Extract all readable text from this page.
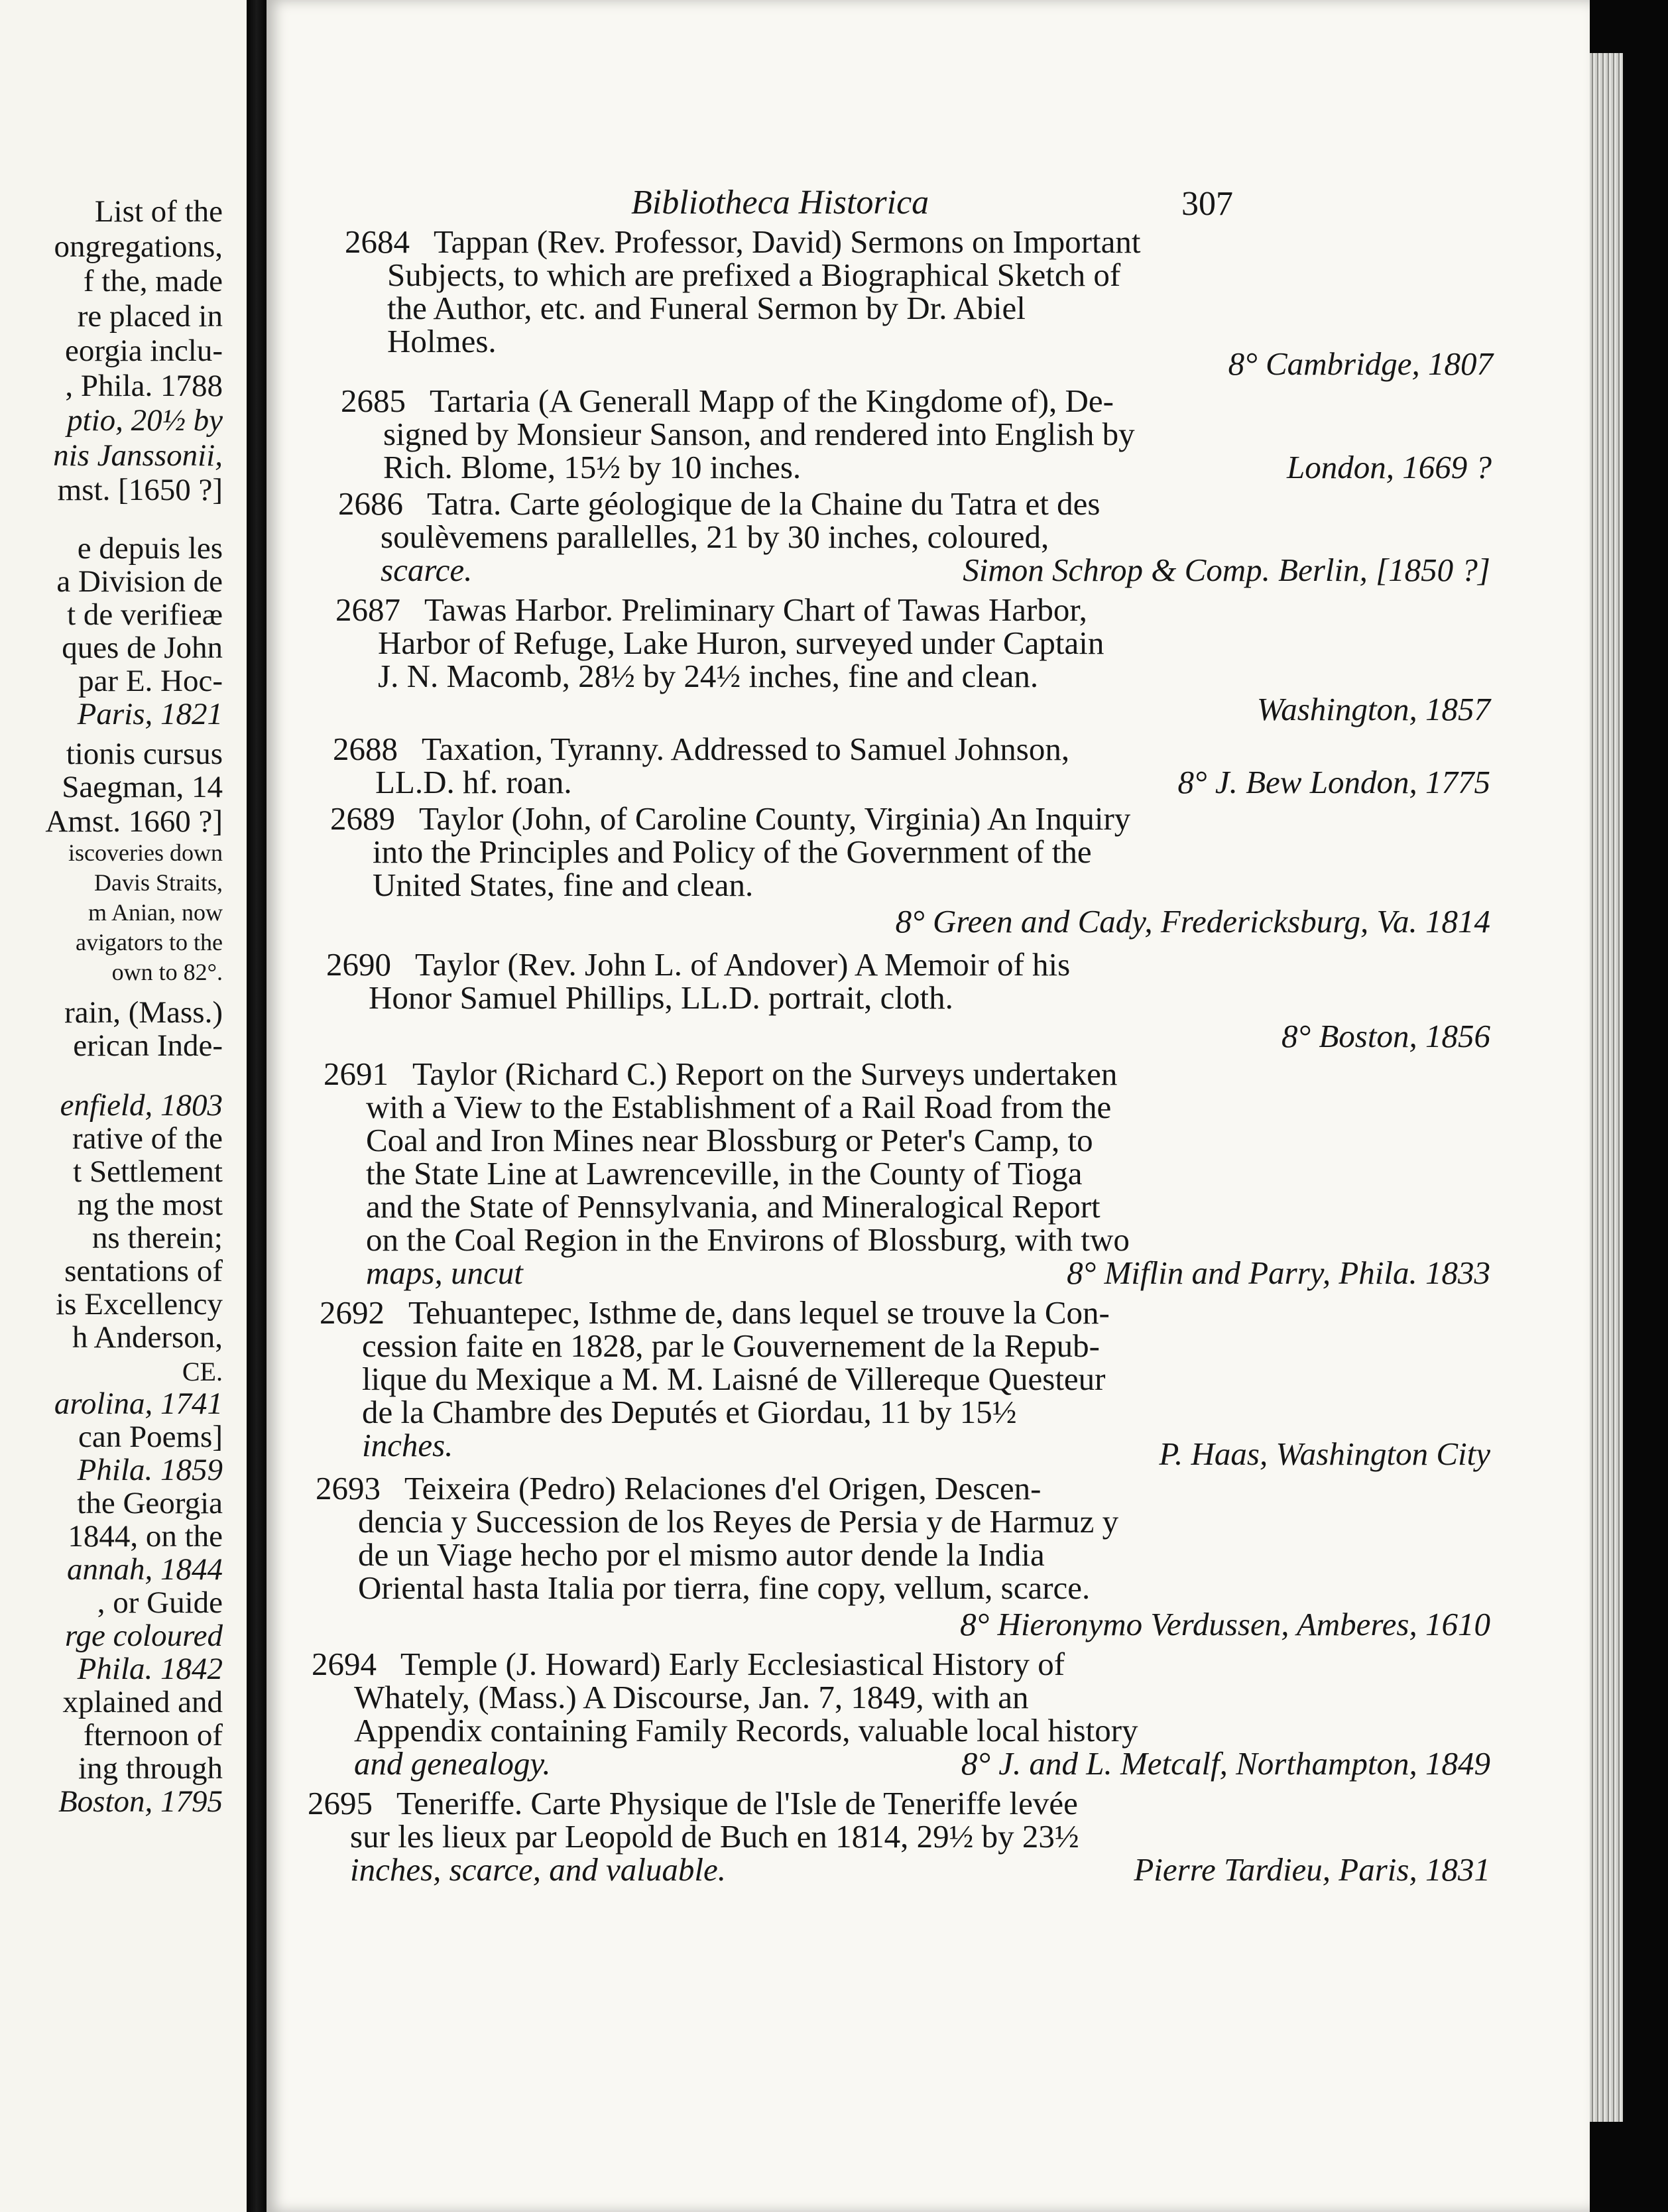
List of the
ongregations,
f the, made
re placed in
eorgia inclu-
, Phila. 1788
ptio, 20½ by
nis Janssonii,
mst. [1650 ?]
e depuis les
a Division de
t de verifieæ
ques de John
par E. Hoc-
Paris, 1821
tionis cursus
Saegman, 14
Amst. 1660 ?]
iscoveries down
Davis Straits,
m Anian, now
avigators to the
own to 82°.
rain, (Mass.)
erican Inde-
enfield, 1803
rative of the
t Settlement
ng the most
ns therein;
sentations of
is Excellency
h Anderson,
CE.
arolina, 1741
can Poems]
Phila. 1859
the Georgia
1844, on the
annah, 1844
, or Guide
rge coloured
Phila. 1842
xplained and
fternoon of
ing through
Boston, 1795
Bibliotheca Historica	307
2684 Tappan (Rev. Professor, David) Sermons on Important
Subjects, to which are prefixed a Biographical Sketch of
the Author, etc. and Funeral Sermon by Dr. Abiel
Holmes.
8° Cambridge, 1807
2685 Tartaria (A Generall Mapp of the Kingdome of), De-
signed by Monsieur Sanson, and rendered into English by
Rich. Blome, 15½ by 10 inches.	London, 1669 ?
2686 Tatra. Carte géologique de la Chaine du Tatra et des
soulèvemens parallelles, 21 by 30 inches, coloured,
scarce.	Simon Schrop & Comp. Berlin, [1850 ?]
2687 Tawas Harbor. Preliminary Chart of Tawas Harbor,
Harbor of Refuge, Lake Huron, surveyed under Captain
J. N. Macomb, 28½ by 24½ inches, fine and clean.
Washington, 1857
2688 Taxation, Tyranny. Addressed to Samuel Johnson,
LL.D. hf. roan.	8° J. Bew London, 1775
2689 Taylor (John, of Caroline County, Virginia) An Inquiry
into the Principles and Policy of the Government of the
United States, fine and clean.
8° Green and Cady, Fredericksburg, Va. 1814
2690 Taylor (Rev. John L. of Andover) A Memoir of his
Honor Samuel Phillips, LL.D. portrait, cloth.
8° Boston, 1856
2691 Taylor (Richard C.) Report on the Surveys undertaken
with a View to the Establishment of a Rail Road from the
Coal and Iron Mines near Blossburg or Peter's Camp, to
the State Line at Lawrenceville, in the County of Tioga
and the State of Pennsylvania, and Mineralogical Report
on the Coal Region in the Environs of Blossburg, with two
maps, uncut	8° Miflin and Parry, Phila. 1833
2692 Tehuantepec, Isthme de, dans lequel se trouve la Con-
cession faite en 1828, par le Gouvernement de la Repub-
lique du Mexique a M. M. Laisné de Villereque Questeur
de la Chambre des Deputés et Giordau, 11 by 15½
inches.	P. Haas, Washington City
2693 Teixeira (Pedro) Relaciones d'el Origen, Descen-
dencia y Succession de los Reyes de Persia y de Harmuz y
de un Viage hecho por el mismo autor dende la India
Oriental hasta Italia por tierra, fine copy, vellum, scarce.
8° Hieronymo Verdussen, Amberes, 1610
2694 Temple (J. Howard) Early Ecclesiastical History of
Whately, (Mass.) A Discourse, Jan. 7, 1849, with an
Appendix containing Family Records, valuable local history
and genealogy.	8° J. and L. Metcalf, Northampton, 1849
2695 Teneriffe. Carte Physique de l'Isle de Teneriffe levée
sur les lieux par Leopold de Buch en 1814, 29½ by 23½
inches, scarce, and valuable.	Pierre Tardieu, Paris, 1831
